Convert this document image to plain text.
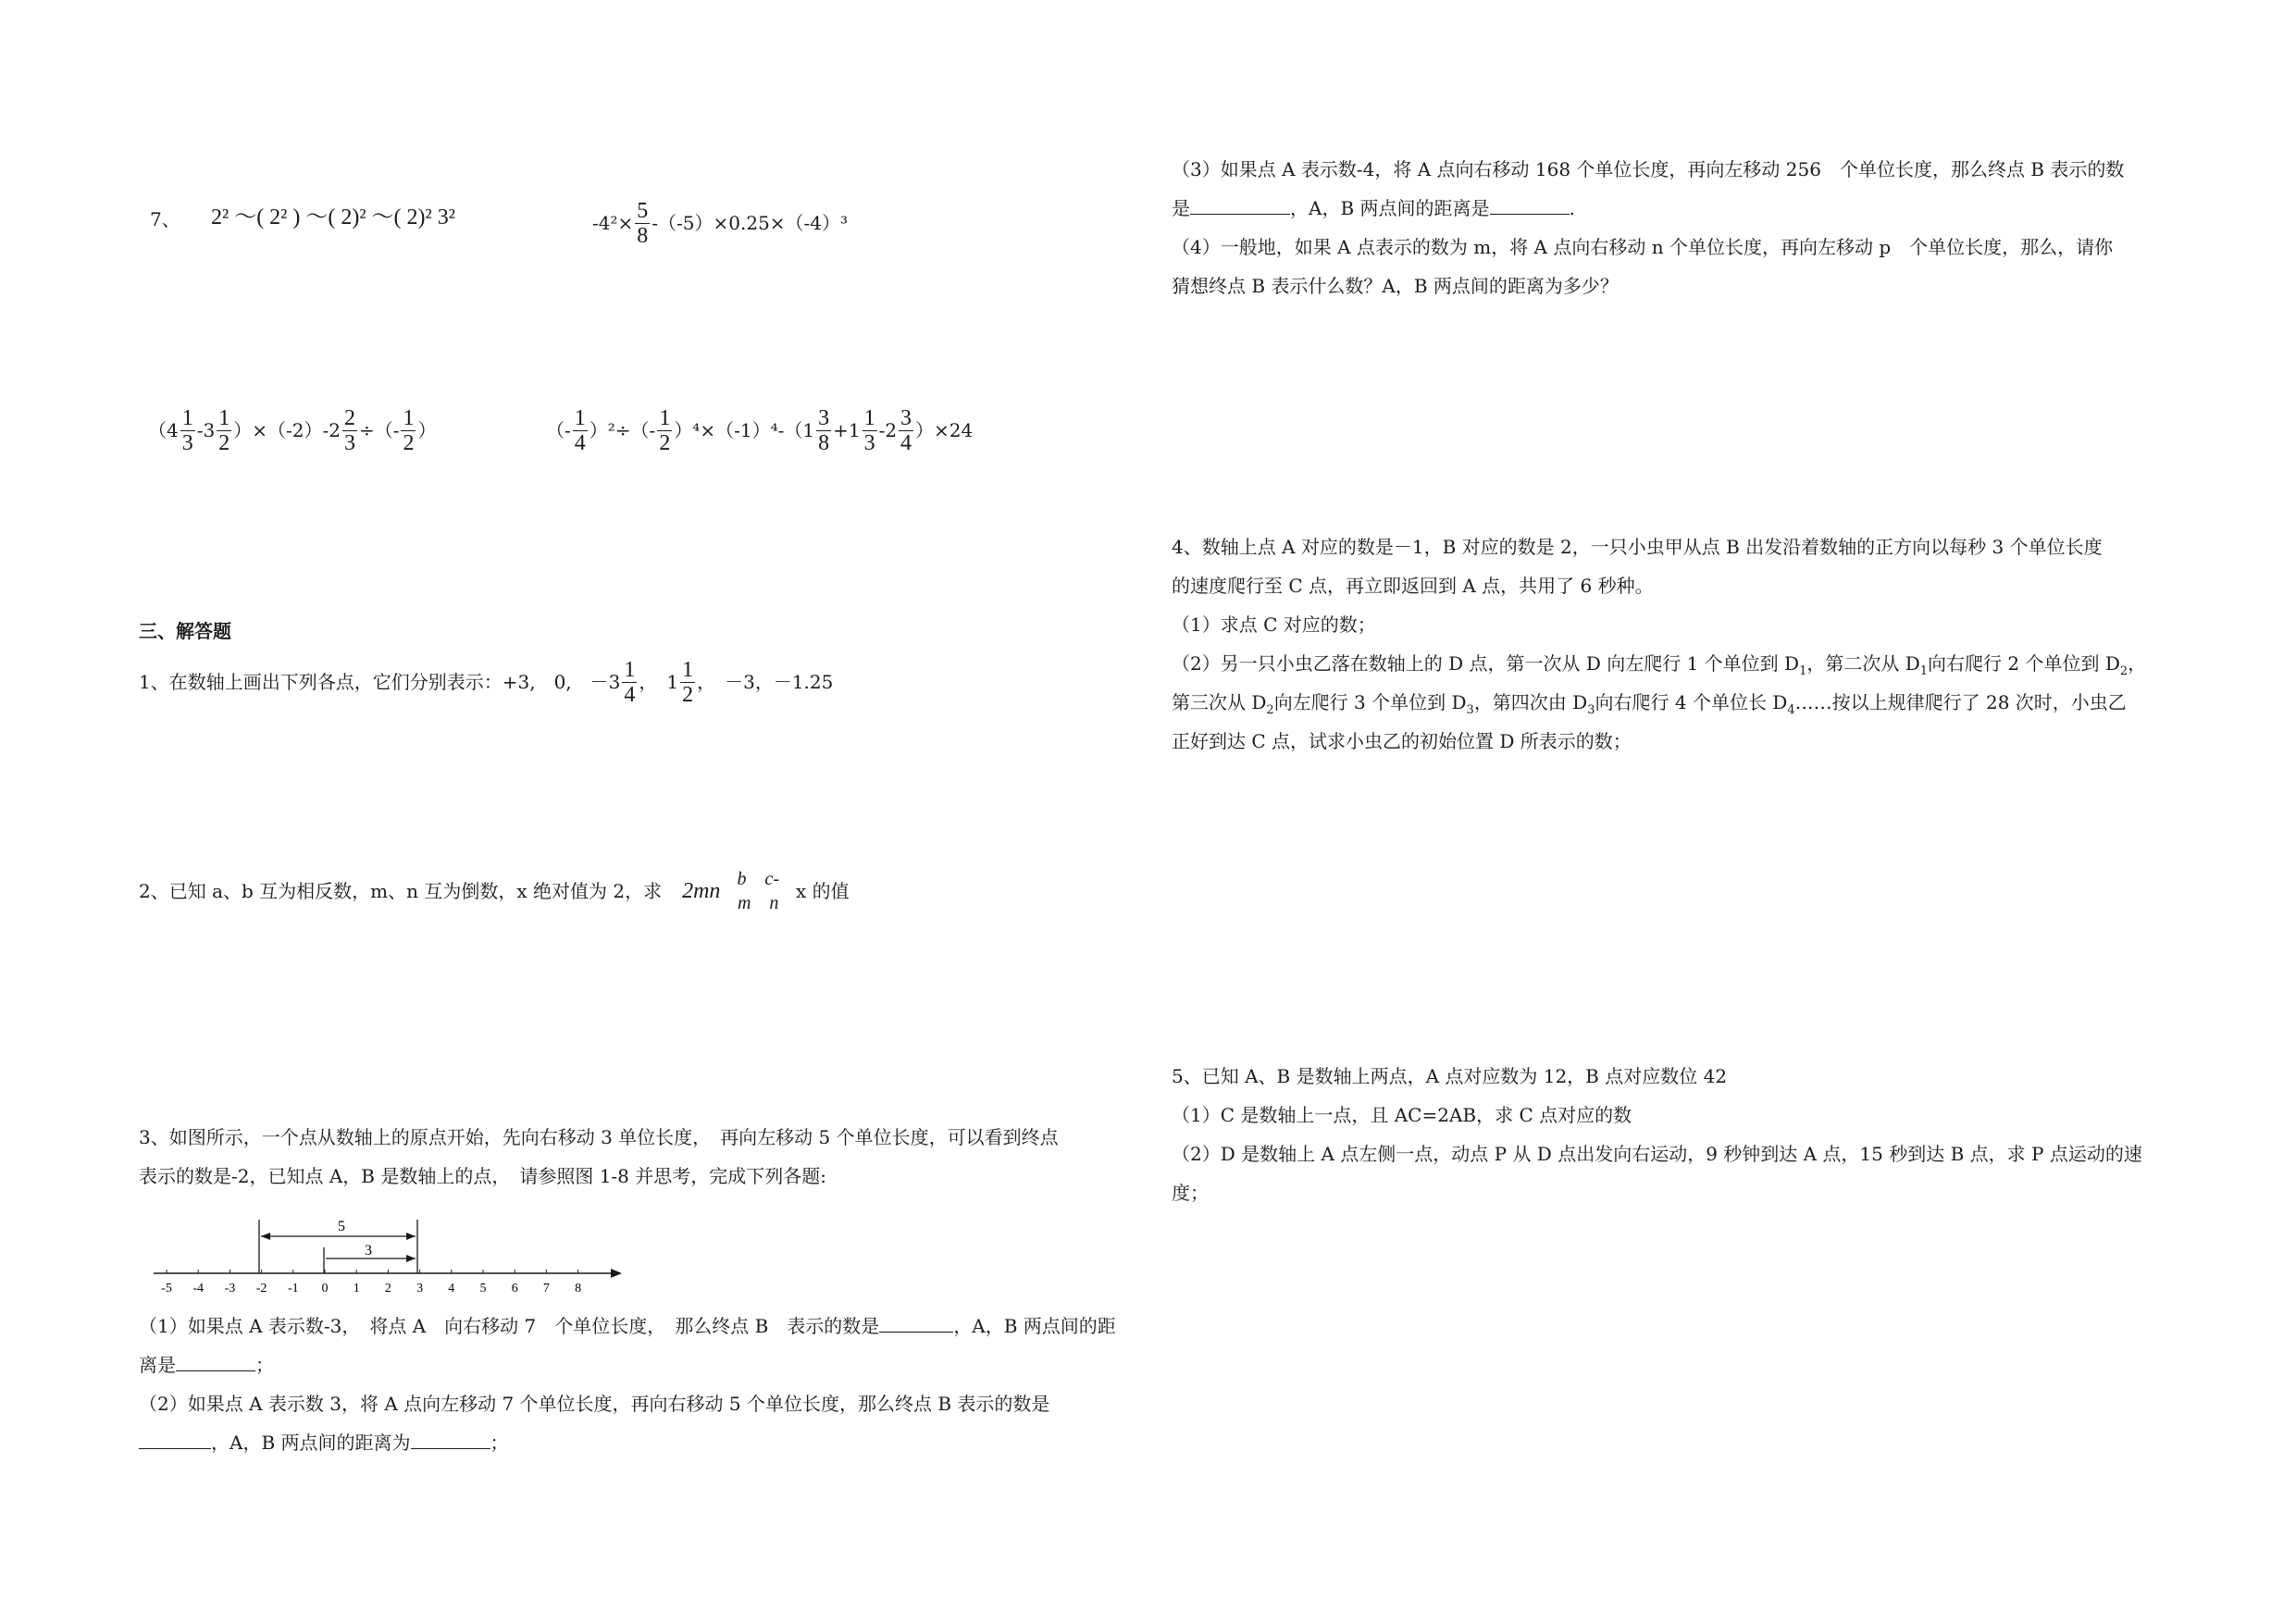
7、 2² ～( 2² ) ～( 2)² ～( 2)² 3²	$-4^2\times \frac{5}{8} -(-5)\times 0.25\times(-4)^3$
$(4 \frac{1}{3} -3 \frac{1}{2} )\times(-2)-2 \frac{2}{3}$ ÷（- $\frac{1}{2}$ ）	（- $\frac{1}{4} )^2\div(- \frac{1}{2} )^4\times(-1)^4-(1 \frac{3}{8} +1 \frac{1}{3} -2 \frac{3}{4} )\times 24$
三、解答题
1、在数轴上画出下列各点，它们分别表示：+3,　0,　$-3 \frac{1}{4}$ ，　$1 \frac{1}{2}$ ，　－3，－1.25
2、已知 a、b 互为相反数，m、n 互为倒数，x 绝对值为 2，求 2mn b　c-
m　n
x 的值
3、如图所示，一个点从数轴上的原点开始，先向右移动 3 单位长度，　再向左移动 5 个单位长度，可以看到终点
表示的数是-2，已知点 A，B 是数轴上的点，　请参照图 1-8 并思考，完成下列各题:
5
3
-5 -4 -3 -2 -1 0 1 2 3 4 5 6 7 8
（1）如果点 A 表示数-3，　将点 A　向右移动 7　个单位长度，　那么终点 B　表示的数是	，A，B 两点间的距
离是	；
（2）如果点 A 表示数 3，将 A 点向左移动 7 个单位长度，再向右移动 5 个单位长度，那么终点 B 表示的数是
，A，B 两点间的距离为	；
（3）如果点 A 表示数-4，将 A 点向右移动 168 个单位长度，再向左移动 256　个单位长度，那么终点 B 表示的数
是	，A，B 两点间的距离是	.
（4）一般地，如果 A 点表示的数为 m，将 A 点向右移动 n 个单位长度，再向左移动 p　个单位长度，那么，请你
猜想终点 B 表示什么数？A，B 两点间的距离为多少？
4、数轴上点 A 对应的数是－1，B 对应的数是 2，一只小虫甲从点 B 出发沿着数轴的正方向以每秒 3 个单位长度
的速度爬行至 C 点，再立即返回到 A 点，共用了 6 秒种。
（1）求点 C 对应的数；
（2）另一只小虫乙落在数轴上的 D 点，第一次从 D 向左爬行 1 个单位到 $D_1$，第二次从 $D_1$向右爬行 2 个单位到 $D_2$，
第三次从 $D_2$向左爬行 3 个单位到 $D_3$，第四次由 $D_3$向右爬行 4 个单位长 $D_4\dots\dots$按以上规律爬行了 28 次时，小虫乙
正好到达 C 点，试求小虫乙的初始位置 D 所表示的数；
5、已知 A、B 是数轴上两点，A 点对应数为 12，B 点对应数位 42
（1）C 是数轴上一点，且 AC=2AB，求 C 点对应的数
（2）D 是数轴上 A 点左侧一点，动点 P 从 D 点出发向右运动，9 秒钟到达 A 点，15 秒到达 B 点，求 P 点运动的速
度；
